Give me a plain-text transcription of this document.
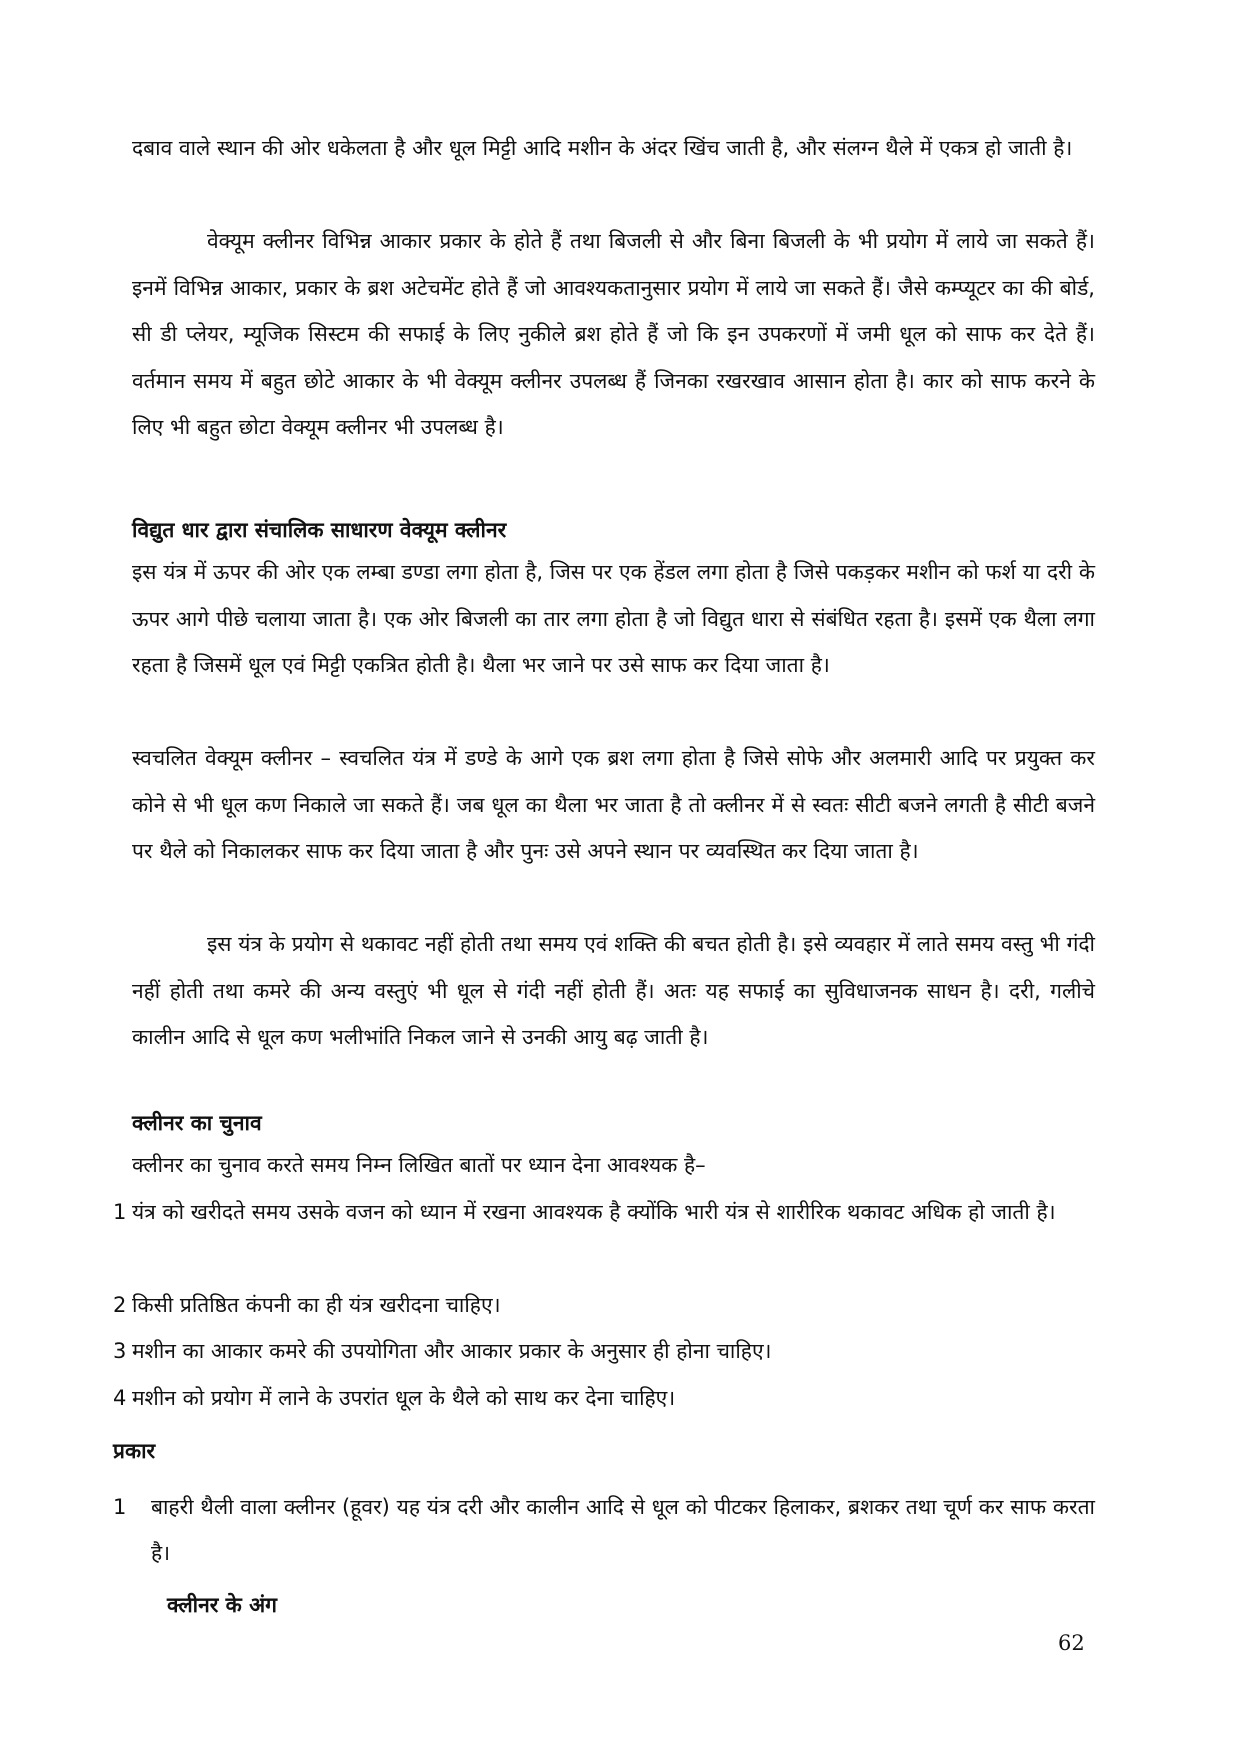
दबाव वाले स्थान की ओर धकेलता है और धूल मिट्टी आदि मशीन के अंदर खिंच जाती है, और संलग्न थैले में एकत्र हो जाती है।

वेक्यूम क्लीनर विभिन्न आकार प्रकार के होते हैं तथा बिजली से और बिना बिजली के भी प्रयोग में लाये जा सकते हैं। इनमें विभिन्न आकार, प्रकार के ब्रश अटेचमेंट होते हैं जो आवश्यकतानुसार प्रयोग में लाये जा सकते हैं। जैसे कम्प्यूटर का की बोर्ड, सी डी प्लेयर, म्यूजिक सिस्टम की सफाई के लिए नुकीले ब्रश होते हैं जो कि इन उपकरणों में जमी धूल को साफ कर देते हैं। वर्तमान समय में बहुत छोटे आकार के भी वेक्यूम क्लीनर उपलब्ध हैं जिनका रखरखाव आसान होता है। कार को साफ करने के लिए भी बहुत छोटा वेक्यूम क्लीनर भी उपलब्ध है।

विद्युत धार द्वारा संचालिक साधारण वेक्यूम क्लीनर

इस यंत्र में ऊपर की ओर एक लम्बा डण्डा लगा होता है, जिस पर एक हेंडल लगा होता है जिसे पकड़कर मशीन को फर्श या दरी के ऊपर आगे पीछे चलाया जाता है। एक ओर बिजली का तार लगा होता है जो विद्युत धारा से संबंधित रहता है। इसमें एक थैला लगा रहता है जिसमें धूल एवं मिट्टी एकत्रित होती है। थैला भर जाने पर उसे साफ कर दिया जाता है।

स्वचलित वेक्यूम क्लीनर – स्वचलित यंत्र में डण्डे के आगे एक ब्रश लगा होता है जिसे सोफे और अलमारी आदि पर प्रयुक्त कर कोने से भी धूल कण निकाले जा सकते हैं। जब धूल का थैला भर जाता है तो क्लीनर में से स्वतः सीटी बजने लगती है सीटी बजने पर थैले को निकालकर साफ कर दिया जाता है और पुनः उसे अपने स्थान पर व्यवस्थित कर दिया जाता है।

इस यंत्र के प्रयोग से थकावट नहीं होती तथा समय एवं शक्ति की बचत होती है। इसे व्यवहार में लाते समय वस्तु भी गंदी नहीं होती तथा कमरे की अन्य वस्तुएं भी धूल से गंदी नहीं होती हैं। अतः यह सफाई का सुविधाजनक साधन है। दरी, गलीचे कालीन आदि से धूल कण भलीभांति निकल जाने से उनकी आयु बढ़ जाती है।

क्लीनर का चुनाव

क्लीनर का चुनाव करते समय निम्न लिखित बातों पर ध्यान देना आवश्यक है–

1 यंत्र को खरीदते समय उसके वजन को ध्यान में रखना आवश्यक है क्योंकि भारी यंत्र से शारीरिक थकावट अधिक हो जाती है।
2 किसी प्रतिष्ठित कंपनी का ही यंत्र खरीदना चाहिए।
3 मशीन का आकार कमरे की उपयोगिता और आकार प्रकार के अनुसार ही होना चाहिए।
4 मशीन को प्रयोग में लाने के उपरांत धूल के थैले को साथ कर देना चाहिए।
प्रकार
1 बाहरी थैली वाला क्लीनर (हूवर) यह यंत्र दरी और कालीन आदि से धूल को पीटकर हिलाकर, ब्रशकर तथा चूर्ण कर साफ करता है।
क्लीनर के अंग
62
